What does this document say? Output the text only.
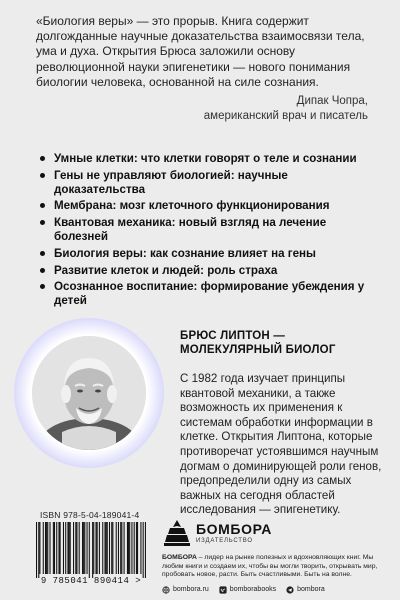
«Биология веры» — это прорыв. Книга содержит долгожданные научные доказательства взаимосвязи тела, ума и духа. Открытия Брюса заложили основу революционной науки эпигенетики — нового понимания биологии человека, основанной на силе сознания.

Дипак Чопра,
американский врач и писатель
Умные клетки: что клетки говорят о теле и сознании
Гены не управляют биологией: научные доказательства
Мембрана: мозг клеточного функционирования
Квантовая механика: новый взгляд на лечение болезней
Биология веры: как сознание влияет на гены
Развитие клеток и людей: роль страха
Осознанное воспитание: формирование убеждения у детей
БРЮС ЛИПТОН — МОЛЕКУЛЯРНЫЙ БИОЛОГ

С 1982 года изучает принципы квантовой механики, а также возможность их применения к системам обработки информации в клетке. Открытия Липтона, которые противоречат устоявшимся научным догмам о доминирующей роли генов, предопределили одну из самых важных на сегодня областей исследования — эпигенетику.

ISBN 978-5-04-189041-4
9 785041 890414 >
БОМБОРА
ИЗДАТЕЛЬСТВО

БОМБОРА – лидер на рынке полезных и вдохновляющих книг. Мы любим книги и создаем их, чтобы вы могли творить, открывать мир, пробовать новое, расти. Быть счастливыми. Быть на волне.

bombora.ru	bomborabooks	bombora
